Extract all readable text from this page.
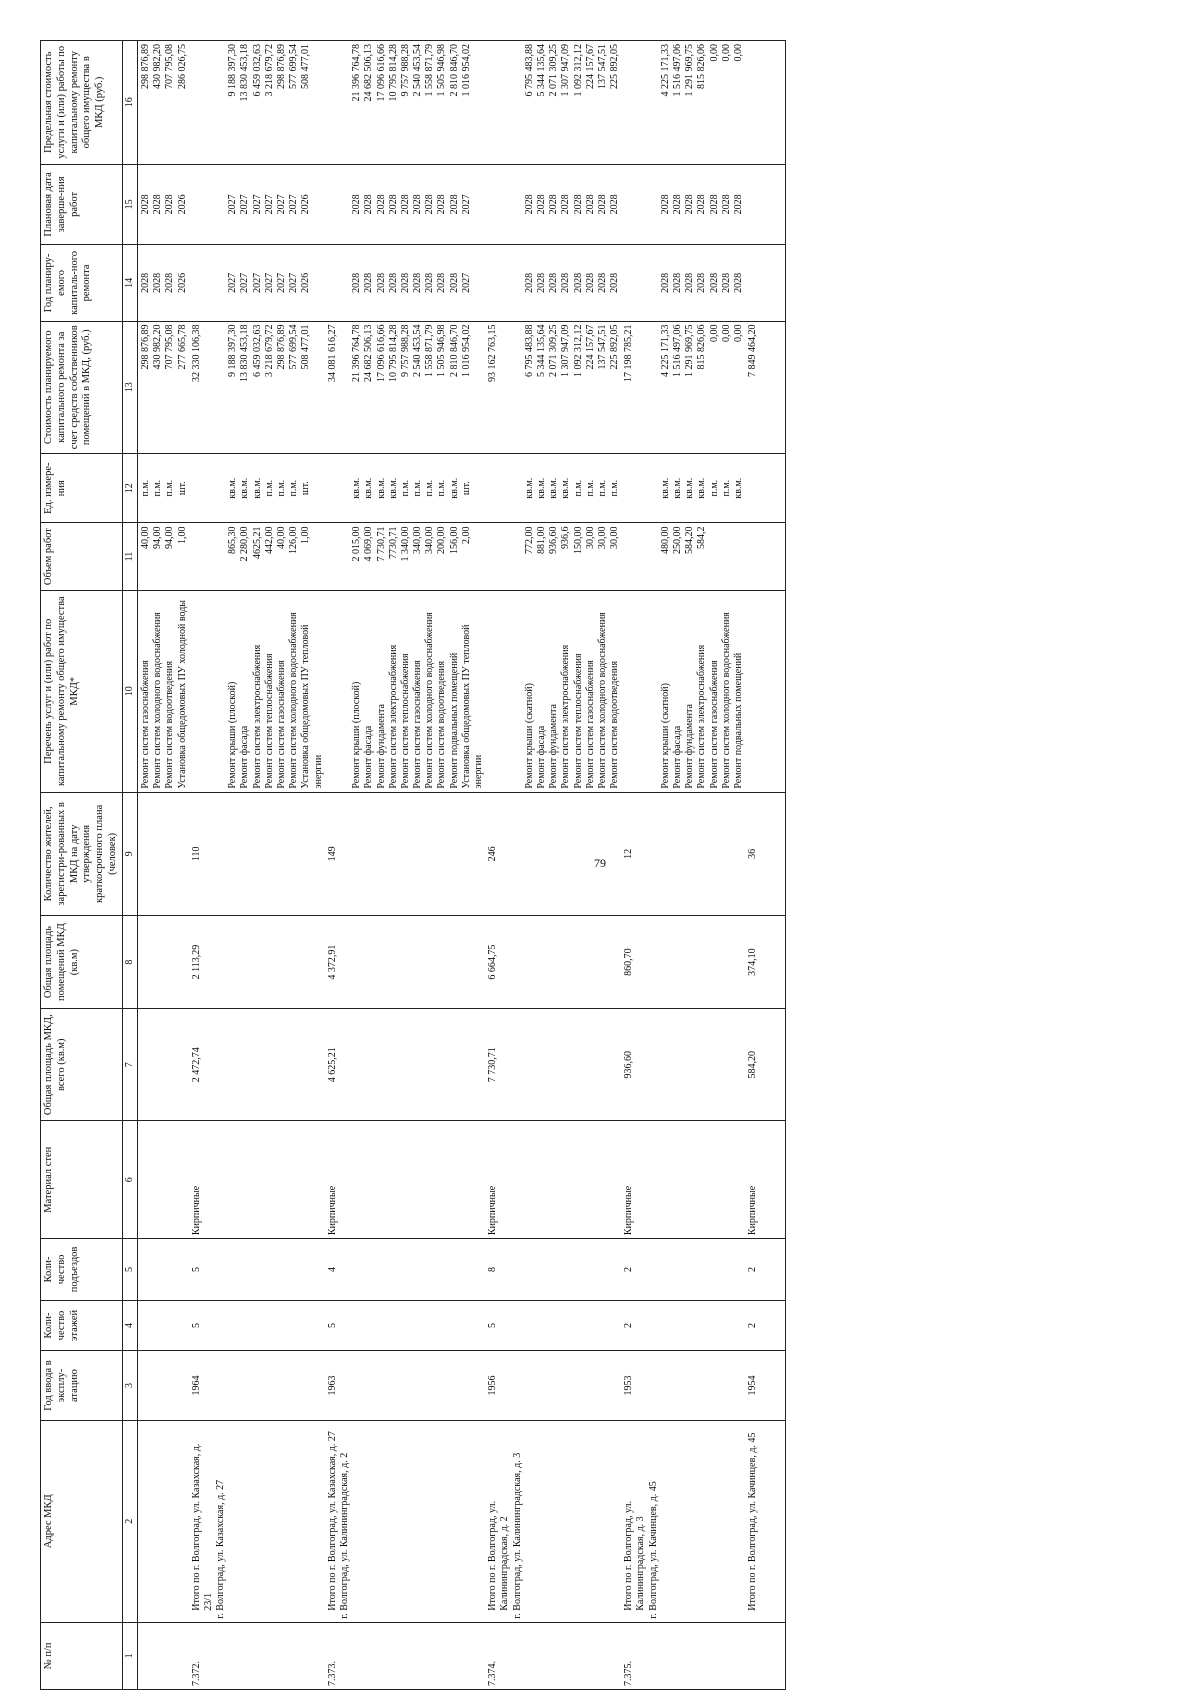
79
№ п/п	Адрес МКД	Год ввода в эксплу-атацию	Коли-чество этажей	Коли-чество подъездов	Материал стен	Общая площадь МКД, всего (кв.м)	Общая площадь помещений МКД (кв.м)	Количество жителей, зарегистри-рованных в МКД на дату утверждения краткосрочного плана (человек)	Перечень услуг и (или) работ по капитальному ремонту общего имущества МКД*	Объем работ	Ед. измере-ния	Стоимость планируемого капитального ремонта за счет средств собственников помещений в МКД, (руб.)	Год планиру-емого капиталь-ного ремонта	Плановая дата заверше-ния работ	Предельная стоимость услуги и (или) работы по капитальному ремонту общего имущества в МКД (руб.)
1	2	3	4	5	6	7	8	9	10	11	12	13	14	15	16

									Ремонт систем газоснабжения	40,00	п.м.	298 876,89	2028	2028	298 876,89
									Ремонт систем холодного водоснабжения	94,00	п.м.	430 982,20	2028	2028	430 982,20
									Ремонт систем водоотведения	94,00	п.м.	707 795,08	2028	2028	707 795,08
									Установка общедомовых ПУ холодной воды	1,00	шт.	277 665,78	2026	2026	286 026,75
7.372.	Итого по г. Волгоград, ул. Казахская, д. 23/1 г. Волгоград, ул. Казахская, д. 27	1964	5	5	Кирпичные	2 472,74	2 113,29	110				32 330 106,38			
									Ремонт крыши (плоской)	865,30	кв.м.	9 188 397,30	2027	2027	9 188 397,30
									Ремонт фасада	2 280,00	кв.м.	13 830 453,18	2027	2027	13 830 453,18
									Ремонт систем электроснабжения	4625,21	кв.м.	6 459 032,63	2027	2027	6 459 032,63
									Ремонт систем теплоснабжения	442,00	п.м.	3 218 679,72	2027	2027	3 218 679,72
									Ремонт систем газоснабжения	40,00	п.м.	298 876,89	2027	2027	298 876,89
									Ремонт систем холодного водоснабжения	126,00	п.м.	577 699,54	2027	2027	577 699,54
									Установка общедомовых ПУ тепловой энергии	1,00	шт.	508 477,01	2026	2026	508 477,01
7.373.	Итого по г. Волгоград, ул. Казахская, д. 27 г. Волгоград, ул. Калининградская, д. 2	1963	5	4	Кирпичные	4 625,21	4 372,91	149				34 081 616,27			
									Ремонт крыши (плоской)	2 015,00	кв.м.	21 396 764,78	2028	2028	21 396 764,78
									Ремонт фасада	4 069,00	кв.м.	24 682 506,13	2028	2028	24 682 506,13
									Ремонт фундамента	7 730,71	кв.м.	17 096 616,66	2028	2028	17 096 616,66
									Ремонт систем электроснабжения	7730,71	кв.м.	10 795 814,28	2028	2028	10 795 814,28
									Ремонт систем теплоснабжения	1 340,00	п.м.	9 757 988,28	2028	2028	9 757 988,28
									Ремонт систем газоснабжения	340,00	п.м.	2 540 453,54	2028	2028	2 540 453,54
									Ремонт систем холодного водоснабжения	340,00	п.м.	1 558 871,79	2028	2028	1 558 871,79
									Ремонт систем водоотведения	200,00	п.м.	1 505 946,98	2028	2028	1 505 946,98
									Ремонт подвальных помещений	156,00	кв.м.	2 810 846,70	2028	2028	2 810 846,70
									Установка общедомовых ПУ тепловой энергии	2,00	шт.	1 016 954,02	2027	2027	1 016 954,02
7.374.	Итого по г. Волгоград, ул. Калининградская, д. 2 г. Волгоград, ул. Калининградская, д. 3	1956	5	8	Кирпичные	7 730,71	6 664,75	246				93 162 763,15			
									Ремонт крыши (скатной)	772,00	кв.м.	6 795 483,88	2028	2028	6 795 483,88
									Ремонт фасада	881,00	кв.м.	5 344 135,64	2028	2028	5 344 135,64
									Ремонт фундамента	936,60	кв.м.	2 071 309,25	2028	2028	2 071 309,25
									Ремонт систем электроснабжения	936,6	кв.м.	1 307 947,09	2028	2028	1 307 947,09
									Ремонт систем теплоснабжения	150,00	п.м.	1 092 312,12	2028	2028	1 092 312,12
									Ремонт систем газоснабжения	30,00	п.м.	224 157,67	2028	2028	224 157,67
									Ремонт систем холодного водоснабжения	30,00	п.м.	137 547,51	2028	2028	137 547,51
									Ремонт систем водоотведения	30,00	п.м.	225 892,05	2028	2028	225 892,05
7.375.	Итого по г. Волгоград, ул. Калининградская, д. 3 г. Волгоград, ул. Качинцев, д. 45	1953	2	2	Кирпичные	936,60	860,70	12				17 198 785,21			
									Ремонт крыши (скатной)	480,00	кв.м.	4 225 171,33	2028	2028	4 225 171,33
									Ремонт фасада	250,00	кв.м.	1 516 497,06	2028	2028	1 516 497,06
									Ремонт фундамента	584,20	кв.м.	1 291 969,75	2028	2028	1 291 969,75
									Ремонт систем электроснабжения	584,2	кв.м.	815 826,06	2028	2028	815 826,06
									Ремонт систем газоснабжения		п.м.	0,00	2028	2028	0,00
									Ремонт систем холодного водоснабжения		п.м.	0,00	2028	2028	0,00
									Ремонт подвальных помещений		кв.м.	0,00	2028	2028	0,00

	Итого по г. Волгоград, ул. Качинцев, д. 45	1954	2	2	Кирпичные	584,20	374,10	36				7 849 464,20			
